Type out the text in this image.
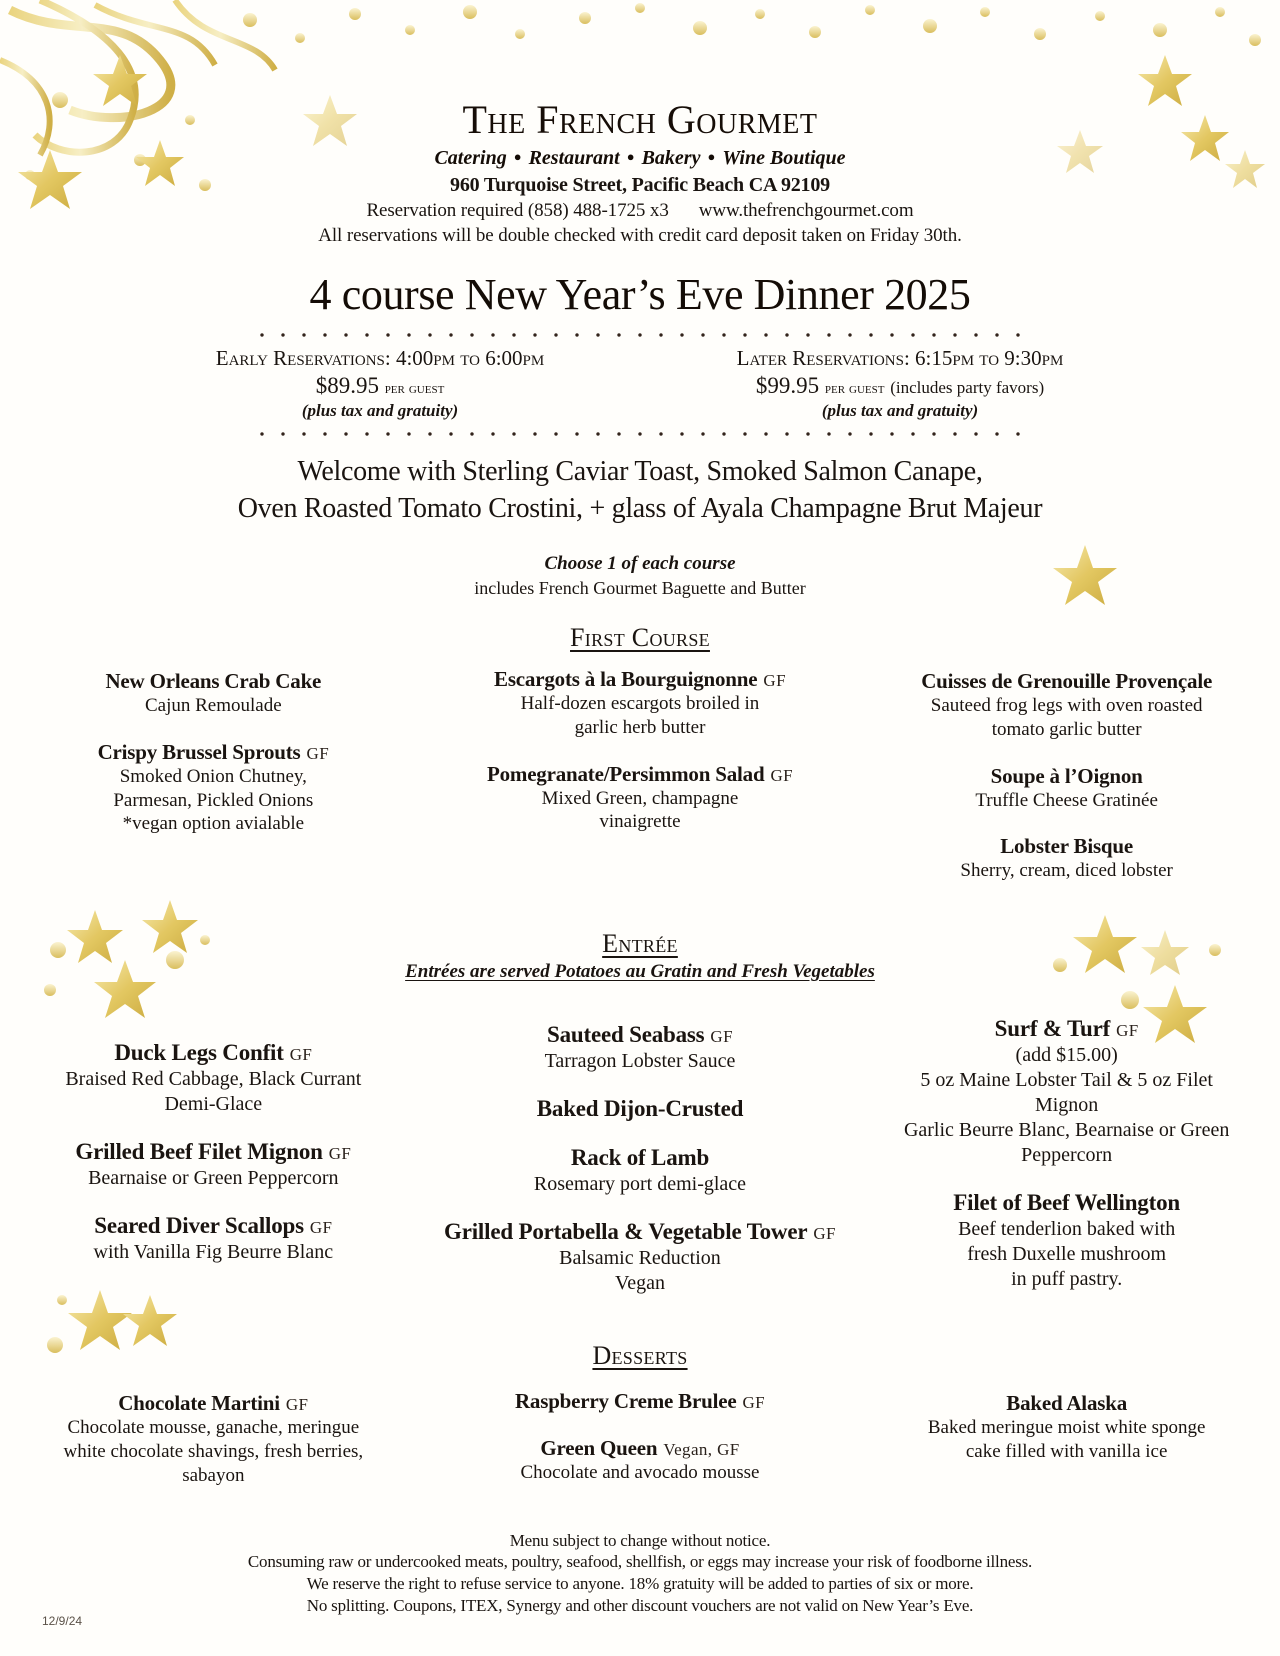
The French Gourmet
Catering ● Restaurant ● Bakery ● Wine Boutique
960 Turquoise Street, Pacific Beach CA 92109
Reservation required (858) 488-1725 x3 www.thefrenchgourmet.com
All reservations will be double checked with credit card deposit taken on Friday 30th.
4 course New Year’s Eve Dinner 2025
Early Reservations: 4:00pm to 6:00pm
$89.95 per guest
(plus tax and gratuity)
Later Reservations: 6:15pm to 9:30pm
$99.95 per guest (includes party favors)
(plus tax and gratuity)
Welcome with Sterling Caviar Toast, Smoked Salmon Canape,
Oven Roasted Tomato Crostini, + glass of Ayala Champagne Brut Majeur
Choose 1 of each course
includes French Gourmet Baguette and Butter
First Course
New Orleans Crab Cake
Cajun Remoulade
Crispy Brussel Sprouts GF
Smoked Onion Chutney,
Parmesan, Pickled Onions
*vegan option avialable
Escargots à la Bourguignonne GF
Half-dozen escargots broiled in
garlic herb butter
Pomegranate/Persimmon Salad GF
Mixed Green, champagne
vinaigrette
Cuisses de Grenouille Provençale
Sauteed frog legs with oven roasted
tomato garlic butter
Soupe à l’Oignon
Truffle Cheese Gratinée
Lobster Bisque
Sherry, cream, diced lobster
Entrée
Entrées are served Potatoes au Gratin and Fresh Vegetables
Duck Legs Confit GF
Braised Red Cabbage, Black Currant
Demi-Glace
Grilled Beef Filet Mignon GF
Bearnaise or Green Peppercorn
Seared Diver Scallops GF
with Vanilla Fig Beurre Blanc
Sauteed Seabass GF
Tarragon Lobster Sauce
Baked Dijon-Crusted
Rack of Lamb
Rosemary port demi-glace
Grilled Portabella & Vegetable Tower GF
Balsamic Reduction
Vegan
Surf & Turf GF
(add $15.00)
5 oz Maine Lobster Tail & 5 oz Filet
Mignon
Garlic Beurre Blanc, Bearnaise or Green
Peppercorn
Filet of Beef Wellington
Beef tenderlion baked with
fresh Duxelle mushroom
in puff pastry.
Desserts
Chocolate Martini GF
Chocolate mousse, ganache, meringue
white chocolate shavings, fresh berries,
sabayon
Raspberry Creme Brulee GF
Green Queen Vegan, GF
Chocolate and avocado mousse
Baked Alaska
Baked meringue moist white sponge
cake filled with vanilla ice
Menu subject to change without notice.
Consuming raw or undercooked meats, poultry, seafood, shellfish, or eggs may increase your risk of foodborne illness.
We reserve the right to refuse service to anyone. 18% gratuity will be added to parties of six or more.
No splitting. Coupons, ITEX, Synergy and other discount vouchers are not valid on New Year’s Eve.
12/9/24
